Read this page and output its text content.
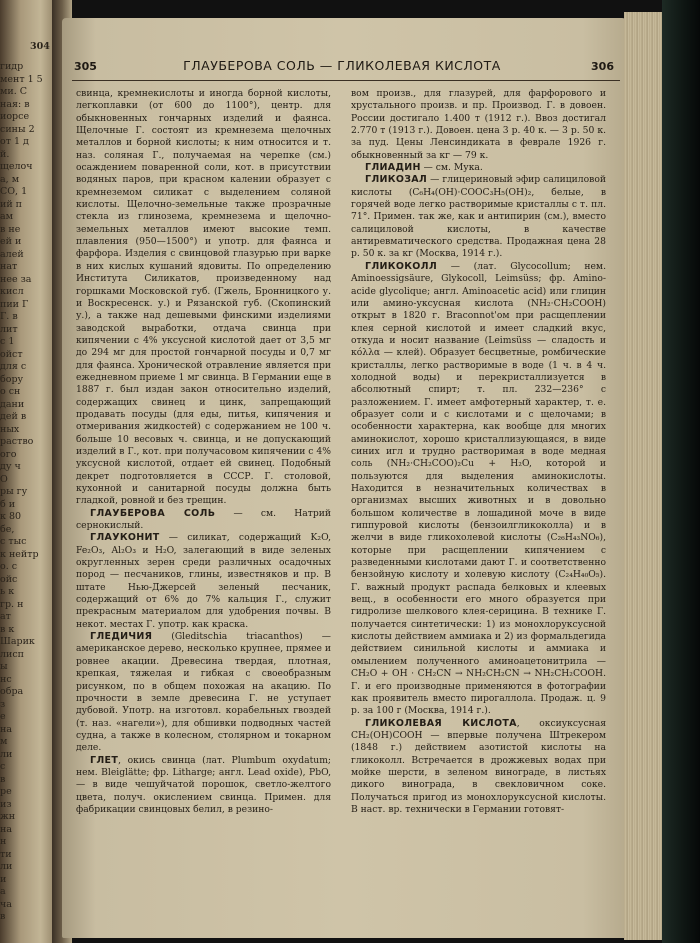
гидр
мент 1 5
ми. С
ная: в
иорсе
сины 2
от 1 д
й.
щелоч
а, м
СО, 1
ий п
ам
в не
ей и
алей
нат
нее за
кисл
пии Г
Г. в
лит
с 1
ойст
для с
бору
о сн
дани
дей в
ных
раство
ого
ду ч
О
ры гу
б и
к 80
бе,
с тыс
к нейтр
о. с
ойс
ь к
гр. н
ат
в к
Шарик
лисп
ы
нс
обра
з
е
на
м
ли
с
в
ре
из
жн
на
н
ти
ли
и
а
ча
в
304
305	ГЛАУБЕРОВА СОЛЬ — ГЛИКОЛЕВАЯ КИСЛОТА	306

свинца, кремнекислоты и иногда борной кислоты, легкоплавки (от 600 до 1100°), центр. для обыкновенных гончарных изделий и фаянса. Щелочные Г. состоят из кремнезема щелочных металлов и борной кислоты; к ним относится и т. наз. соляная Г., получаемая на черепке (см.) осаждением поваренной соли, кот. в присутствии водяных паров, при красном калении образует с кремнеземом силикат с выделением соляной кислоты. Щелочно-земельные также прозрачные стекла из глинозема, кремнезема и щелочно-земельных металлов имеют высокие темп. плавления (950—1500°) и употр. для фаянса и фарфора. Изделия с свинцовой глазурью при варке в них кислых кушаний ядовиты. По определению Института Силикатов, произведенному над горшками Московской губ. (Гжель, Бронницкого у. и Воскресенск. у.) и Рязанской губ. (Скопинский у.), а также над дешевыми финскими изделиями заводской выработки, отдача свинца при кипячении с 4% уксусной кислотой дает от 3,5 мг до 294 мг для простой гончарной посуды и 0,7 мг для фаянса. Хронической отравление является при ежедневном приеме 1 мг свинца. В Германии еще в 1887 г. был издан закон относительно изделий, содержащих свинец и цинк, запрещающий продавать посуды (для еды, питья, кипячения и отмеривания жидкостей) с содержанием не 100 ч. больше 10 весовых ч. свинца, и не допускающий изделий в Г., кот. при получасовом кипячении с 4% уксусной кислотой, отдает ей свинец. Подобный декрет подготовляется в СССР. Г. столовой, кухонной и санитарной посуды должна быть гладкой, ровной и без трещин.

ГЛАУБЕРОВА СОЛЬ — см. Натрий сернокислый.

ГЛАУКОНИТ — силикат, содержащий K₂O, Fe₂O₃, Al₂O₃ и H₂O, залегающий в виде зеленых округленных зерен среди различных осадочных пород — песчаников, глины, известняков и пр. В штате Нью-Джерсей зеленый песчаник, содержащий от 6% до 7% кальция Г., служит прекрасным материалом для удобрения почвы. В некот. местах Г. употр. как краска.

ГЛЕДИЧИЯ (Gleditschia triacanthos) — американское дерево, несколько крупнее, прямее и ровнее акации. Древесина твердая, плотная, крепкая, тяжелая и гибкая с своеобразным рисунком, по в общем похожая на акацию. По прочности в земле древесина Г. не уступает дубовой. Употр. на изготовл. корабельных гвоздей (т. наз. «нагели»), для обшивки подводных частей судна, а также в колесном, столярном и токарном деле.

ГЛЕТ, окись свинца (лат. Plumbum oxydatum; нем. Bleiglätte; фр. Litharge; англ. Lead oxide), PbO, — в виде чешуйчатой порошок, светло-желтого цвета, получ. окислением свинца. Примен. для фабрикации свинцовых белил, в резино-

вом произв., для глазурей, для фарфорового и хрустального произв. и пр. Производ. Г. в довоен. России достигало 1.400 т (1912 г.). Ввоз достигал 2.770 т (1913 г.). Довоен. цена 3 р. 40 к. — 3 р. 50 к. за пуд. Цены Ленсиндиката в феврале 1926 г. обыкновенный за кг — 79 к.

ГЛИАДИН — см. Мука.

ГЛИКОЗАЛ — глицериновый эфир салициловой кислоты (C₆H₄(OH)·COOC₃H₅(OH)₂, белые, в горячей воде легко растворимые кристаллы с т. пл. 71°. Примен. так же, как и антипирин (см.), вместо салициловой кислоты, в качестве антиревматического средства. Продажная цена 28 р. 50 к. за кг (Москва, 1914 г.).

ГЛИКОКОЛЛ — (лат. Glycocollum; нем. Aminoessigsäure, Glykocoll, Leimsüss; фр. Amino-acide glycolique; англ. Aminoacetic acid) или глицин или амино-уксусная кислота (NH₂·CH₂COOH) открыт в 1820 г. Braconnot'ом при расщеплении клея серной кислотой и имеет сладкий вкус, откуда и носит название (Leimsüss — сладость и κόλλα — клей). Образует бесцветные, ромбические кристаллы, легко растворимые в воде (1 ч. в 4 ч. холодной воды) и перекристаллизуется в абсолютный спирт; т. пл. 232—236° с разложением. Г. имеет амфотерный характер, т. е. образует соли и с кислотами и с щелочами; в особенности характерна, как вообще для многих аминокислот, хорошо кристаллизующаяся, в виде синих игл и трудно растворимая в воде медная соль (NH₂·CH₂COO)₂Cu + H₂O, которой и пользуются для выделения аминокислоты. Находится в незначительных количествах в организмах высших животных и в довольно большом количестве в лошадиной моче в виде гиппуровой кислоты (бензоилгликоколла) и в желчи в виде гликохолевой кислоты (C₂₆H₄₃NO₆), которые при расщеплении кипячением с разведенными кислотами дают Г. и соответственно бензойную кислоту и холевую кислоту (C₂₄H₄₀O₅). Г. важный продукт распада белковых и клеевых вещ., в особенности его много образуется при гидролизе шелкового клея-серицина. В технике Г. получается синтетически: 1) из монохлоруксусной кислоты действием аммиака и 2) из формальдегида действием синильной кислоты и аммиака и омылением полученного аминоацетонитрила — CH₂O + OH · CH₂CN → NH₂CH₂CN → NH₂CH₂COOH. Г. и его производные применяются в фотографии как проявитель вместо пирогаллола. Продаж. ц. 9 р. за 100 г (Москва, 1914 г.).

ГЛИКОЛЕВАЯ КИСЛОТА, оксиуксусная CH₂(OH)COOH — впервые получена Штрекером (1848 г.) действием азотистой кислоты на гликоколл. Встречается в дрожжевых водах при мойке шерсти, в зеленом винограде, в листьях дикого винограда, в свекловичном соке. Получаться пригод из монохлоруксусной кислоты. В наст. вр. технически в Германии готовят-
